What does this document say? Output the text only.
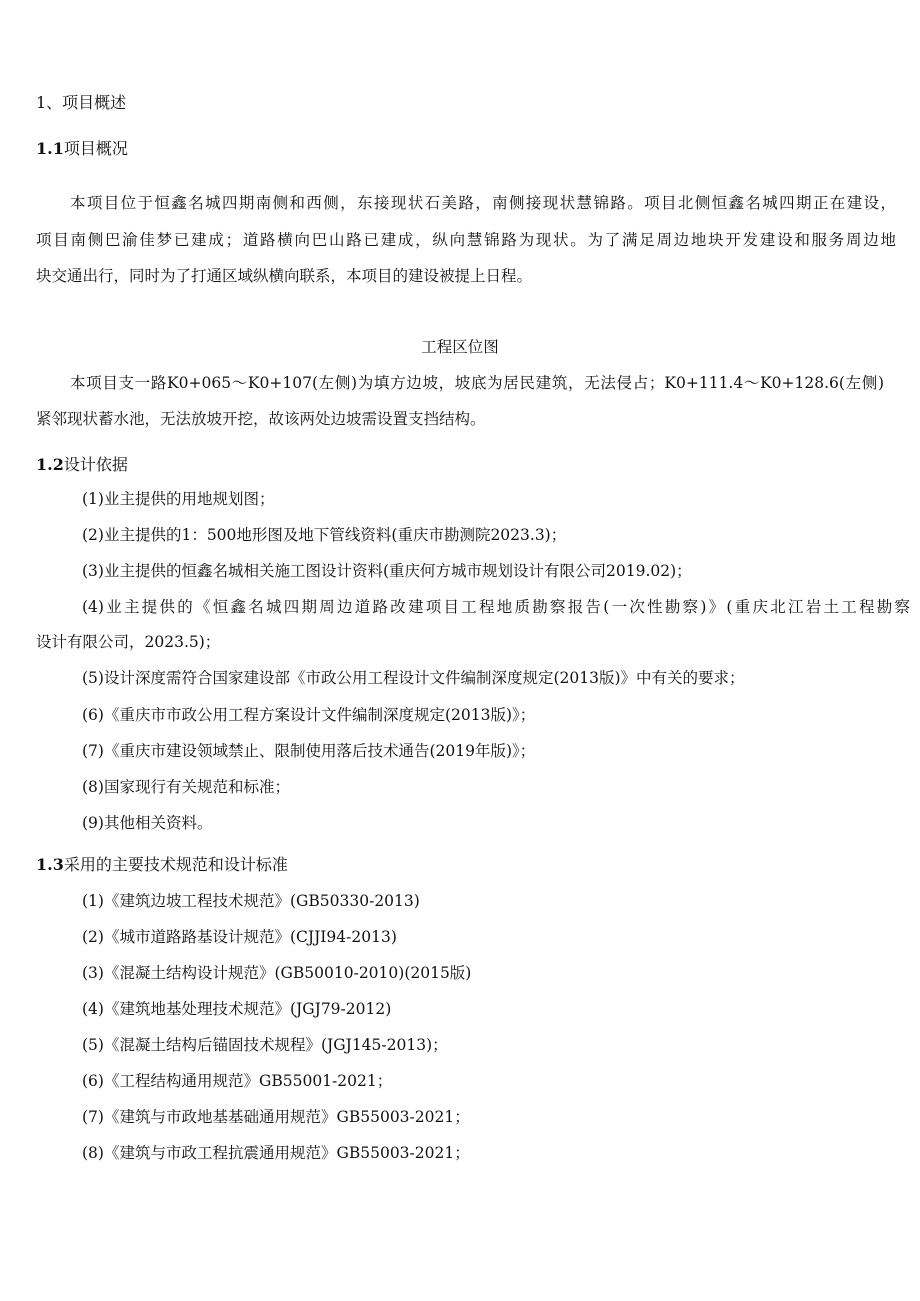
1、项目概述
1.1项目概况
本项目位于恒鑫名城四期南侧和西侧，东接现状石美路，南侧接现状慧锦路。项目北侧恒鑫名城四期正在建设，
项目南侧巴渝佳梦已建成；道路横向巴山路已建成，纵向慧锦路为现状。为了满足周边地块开发建设和服务周边地
块交通出行，同时为了打通区域纵横向联系，本项目的建设被提上日程。
工程区位图
本项目支一路K0+065～K0+107(左侧)为填方边坡，坡底为居民建筑，无法侵占；K0+111.4～K0+128.6(左侧)
紧邻现状蓄水池，无法放坡开挖，故该两处边坡需设置支挡结构。
1.2设计依据
(1)业主提供的用地规划图；
(2)业主提供的1：500地形图及地下管线资料(重庆市勘测院2023.3)；
(3)业主提供的恒鑫名城相关施工图设计资料(重庆何方城市规划设计有限公司2019.02)；
(4)业主提供的《恒鑫名城四期周边道路改建项目工程地质勘察报告(一次性勘察)》(重庆北江岩土工程勘察
设计有限公司，2023.5)；
(5)设计深度需符合国家建设部《市政公用工程设计文件编制深度规定(2013版)》中有关的要求；
(6)《重庆市市政公用工程方案设计文件编制深度规定(2013版)》；
(7)《重庆市建设领域禁止、限制使用落后技术通告(2019年版)》；
(8)国家现行有关规范和标准；
(9)其他相关资料。
1.3采用的主要技术规范和设计标准
(1)《建筑边坡工程技术规范》(GB50330-2013)
(2)《城市道路路基设计规范》(CJJI94-2013)
(3)《混凝土结构设计规范》(GB50010-2010)(2015版)
(4)《建筑地基处理技术规范》(JGJ79-2012)
(5)《混凝土结构后锚固技术规程》(JGJ145-2013)；
(6)《工程结构通用规范》GB55001-2021；
(7)《建筑与市政地基基础通用规范》GB55003-2021；
(8)《建筑与市政工程抗震通用规范》GB55003-2021；
